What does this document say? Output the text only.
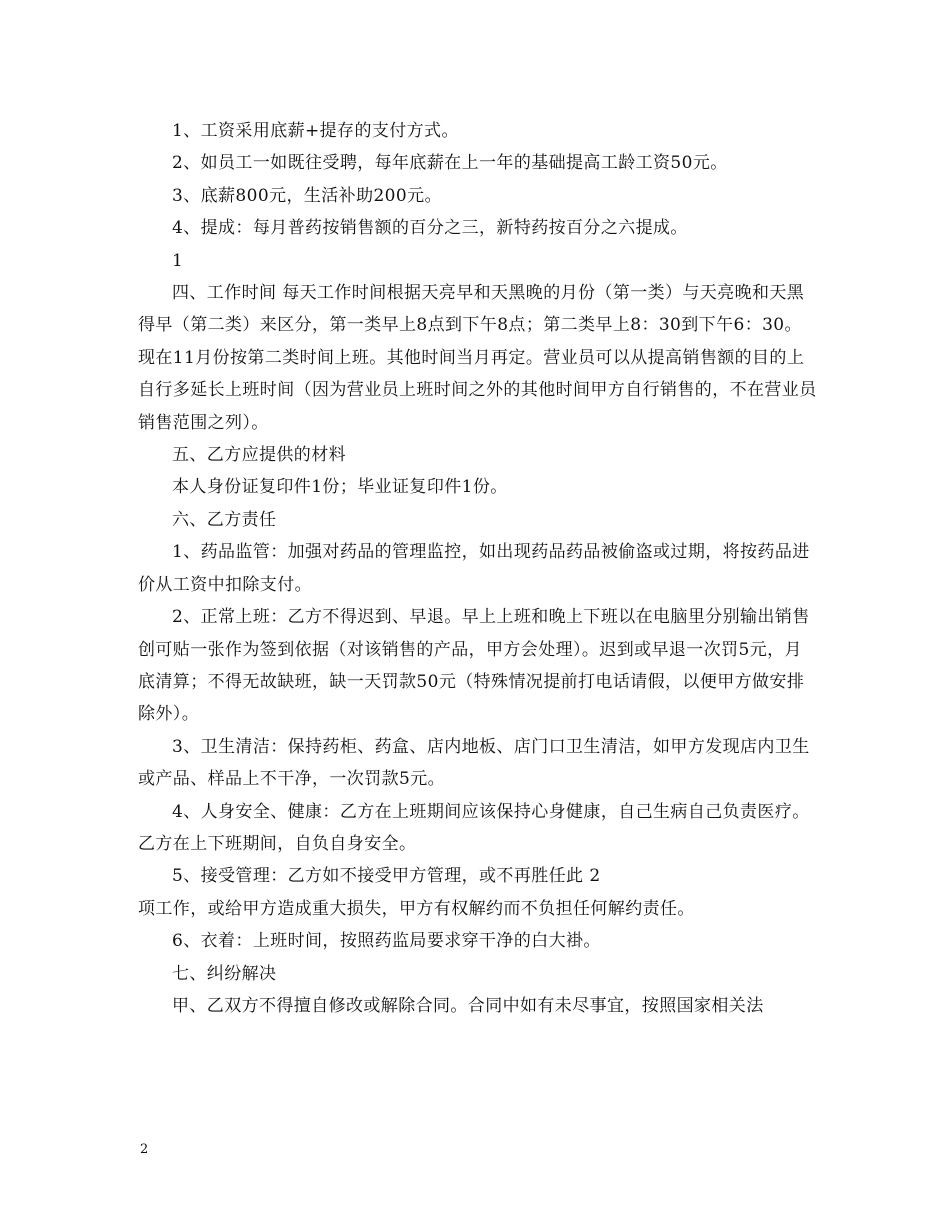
1、工资采用底薪+提存的支付方式。

2、如员工一如既往受聘，每年底薪在上一年的基础提高工龄工资50元。

3、底薪800元，生活补助200元。

4、提成：每月普药按销售额的百分之三，新特药按百分之六提成。

1

四、工作时间 每天工作时间根据天亮早和天黑晚的月份（第一类）与天亮晚和天黑得早（第二类）来区分，第一类早上8点到下午8点；第二类早上8：30到下午6：30。现在11月份按第二类时间上班。其他时间当月再定。营业员可以从提高销售额的目的上自行多延长上班时间（因为营业员上班时间之外的其他时间甲方自行销售的，不在营业员销售范围之列）。

五、乙方应提供的材料

本人身份证复印件1份；毕业证复印件1份。

六、乙方责任

1、药品监管：加强对药品的管理监控，如出现药品药品被偷盗或过期，将按药品进价从工资中扣除支付。

2、正常上班：乙方不得迟到、早退。早上上班和晚上下班以在电脑里分别输出销售创可贴一张作为签到依据（对该销售的产品，甲方会处理）。迟到或早退一次罚5元，月底清算；不得无故缺班，缺一天罚款50元（特殊情况提前打电话请假，以便甲方做安排除外）。

3、卫生清洁：保持药柜、药盒、店内地板、店门口卫生清洁，如甲方发现店内卫生或产品、样品上不干净，一次罚款5元。

4、人身安全、健康：乙方在上班期间应该保持心身健康，自己生病自己负责医疗。乙方在上下班期间，自负自身安全。

5、接受管理：乙方如不接受甲方管理，或不再胜任此 2

项工作，或给甲方造成重大损失，甲方有权解约而不负担任何解约责任。

6、衣着：上班时间，按照药监局要求穿干净的白大褂。

七、纠纷解决

甲、乙双方不得擅自修改或解除合同。合同中如有未尽事宜，按照国家相关法

2
